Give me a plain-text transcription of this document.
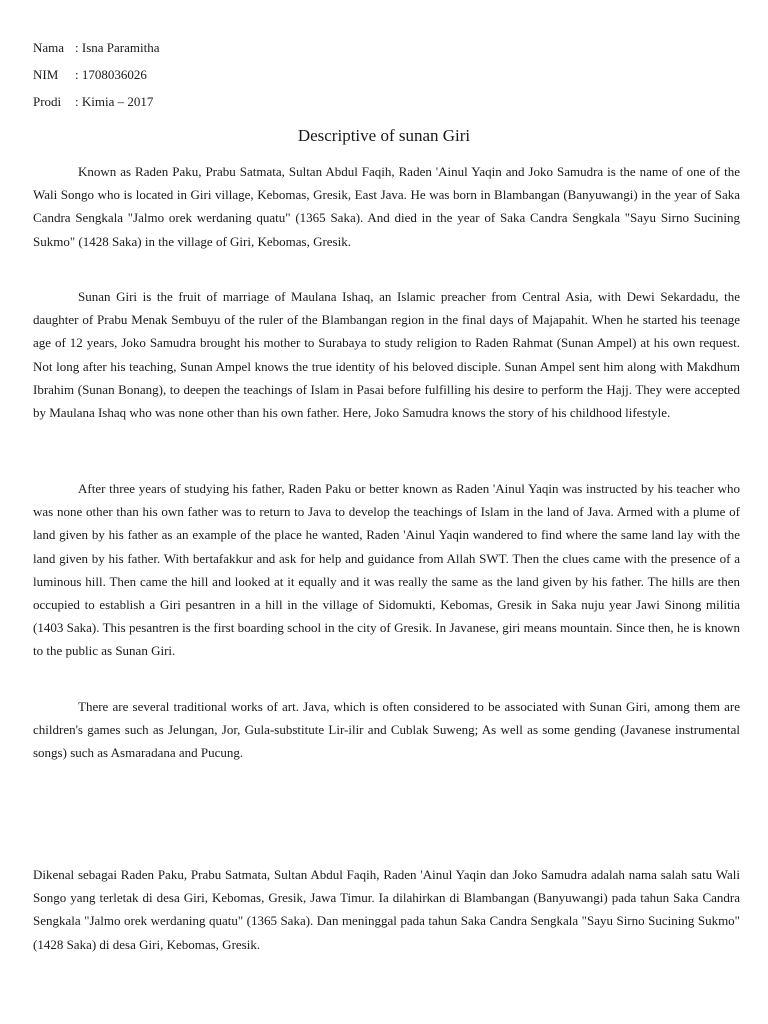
Nama : Isna Paramitha
NIM	: 1708036026
Prodi	: Kimia – 2017
Descriptive of sunan Giri

Known as Raden Paku, Prabu Satmata, Sultan Abdul Faqih, Raden 'Ainul Yaqin and Joko Samudra is the name of one of the Wali Songo who is located in Giri village, Kebomas, Gresik, East Java. He was born in Blambangan (Banyuwangi) in the year of Saka Candra Sengkala "Jalmo orek werdaning quatu" (1365 Saka). And died in the year of Saka Candra Sengkala "Sayu Sirno Sucining Sukmo" (1428 Saka) in the village of Giri, Kebomas, Gresik.

Sunan Giri is the fruit of marriage of Maulana Ishaq, an Islamic preacher from Central Asia, with Dewi Sekardadu, the daughter of Prabu Menak Sembuyu of the ruler of the Blambangan region in the final days of Majapahit. When he started his teenage age of 12 years, Joko Samudra brought his mother to Surabaya to study religion to Raden Rahmat (Sunan Ampel) at his own request. Not long after his teaching, Sunan Ampel knows the true identity of his beloved disciple. Sunan Ampel sent him along with Makdhum Ibrahim (Sunan Bonang), to deepen the teachings of Islam in Pasai before fulfilling his desire to perform the Hajj. They were accepted by Maulana Ishaq who was none other than his own father. Here, Joko Samudra knows the story of his childhood lifestyle.

After three years of studying his father, Raden Paku or better known as Raden 'Ainul Yaqin was instructed by his teacher who was none other than his own father was to return to Java to develop the teachings of Islam in the land of Java. Armed with a plume of land given by his father as an example of the place he wanted, Raden 'Ainul Yaqin wandered to find where the same land lay with the land given by his father. With bertafakkur and ask for help and guidance from Allah SWT. Then the clues came with the presence of a luminous hill. Then came the hill and looked at it equally and it was really the same as the land given by his father. The hills are then occupied to establish a Giri pesantren in a hill in the village of Sidomukti, Kebomas, Gresik in Saka nuju year Jawi Sinong militia (1403 Saka). This pesantren is the first boarding school in the city of Gresik. In Javanese, giri means mountain. Since then, he is known to the public as Sunan Giri.

There are several traditional works of art. Java, which is often considered to be associated with Sunan Giri, among them are children's games such as Jelungan, Jor, Gula-substitute Lir-ilir and Cublak Suweng; As well as some gending (Javanese instrumental songs) such as Asmaradana and Pucung.

Dikenal sebagai Raden Paku, Prabu Satmata, Sultan Abdul Faqih, Raden 'Ainul Yaqin dan Joko Samudra adalah nama salah satu Wali Songo yang terletak di desa Giri, Kebomas, Gresik, Jawa Timur. Ia dilahirkan di Blambangan (Banyuwangi) pada tahun Saka Candra Sengkala "Jalmo orek werdaning quatu" (1365 Saka). Dan meninggal pada tahun Saka Candra Sengkala "Sayu Sirno Sucining Sukmo" (1428 Saka) di desa Giri, Kebomas, Gresik.
